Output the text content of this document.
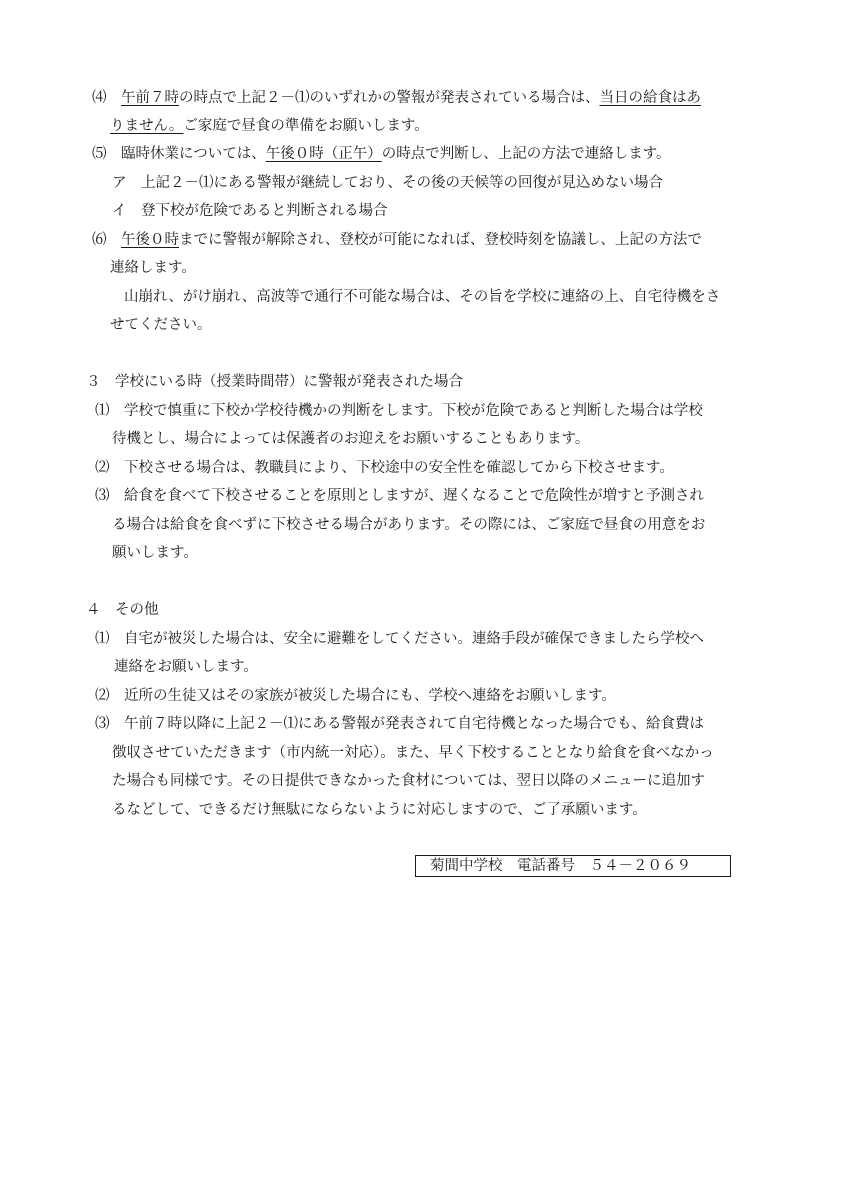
⑷　 午前７時の時点で上記２－⑴のいずれかの警報が発表されている場合は、当日の給食はあ
りません。ご家庭で昼食の準備をお願いします。
⑸　 臨時休業については、午後０時（正午）の時点で判断し、上記の方法で連絡します。
ア　上記２－⑴にある警報が継続しており、その後の天候等の回復が見込めない場合
イ　登下校が危険であると判断される場合
⑹　 午後０時までに警報が解除され、登校が可能になれば、登校時刻を協議し、上記の方法で
連絡します。
山崩れ、がけ崩れ、高波等で通行不可能な場合は、その旨を学校に連絡の上、自宅待機をさ
せてください。
３　学校にいる時（授業時間帯）に警報が発表された場合
⑴　学校で慎重に下校か学校待機かの判断をします。下校が危険であると判断した場合は学校
待機とし、場合によっては保護者のお迎えをお願いすることもあります。
⑵　下校させる場合は、教職員により、下校途中の安全性を確認してから下校させます。
⑶　給食を食べて下校させることを原則としますが、遅くなることで危険性が増すと予測され
る場合は給食を食べずに下校させる場合があります。その際には、ご家庭で昼食の用意をお
願いします。
４　その他
⑴　自宅が被災した場合は、安全に避難をしてください。連絡手段が確保できましたら学校へ
連絡をお願いします。
⑵　近所の生徒又はその家族が被災した場合にも、学校へ連絡をお願いします。
⑶　午前７時以降に上記２－⑴にある警報が発表されて自宅待機となった場合でも、給食費は
徴収させていただきます（市内統一対応）。また、早く下校することとなり給食を食べなかっ
た場合も同様です。その日提供できなかった食材については、翌日以降のメニューに追加す
るなどして、できるだけ無駄にならないように対応しますので、ご了承願います。
菊間中学校　電話番号　５４－２０６９
